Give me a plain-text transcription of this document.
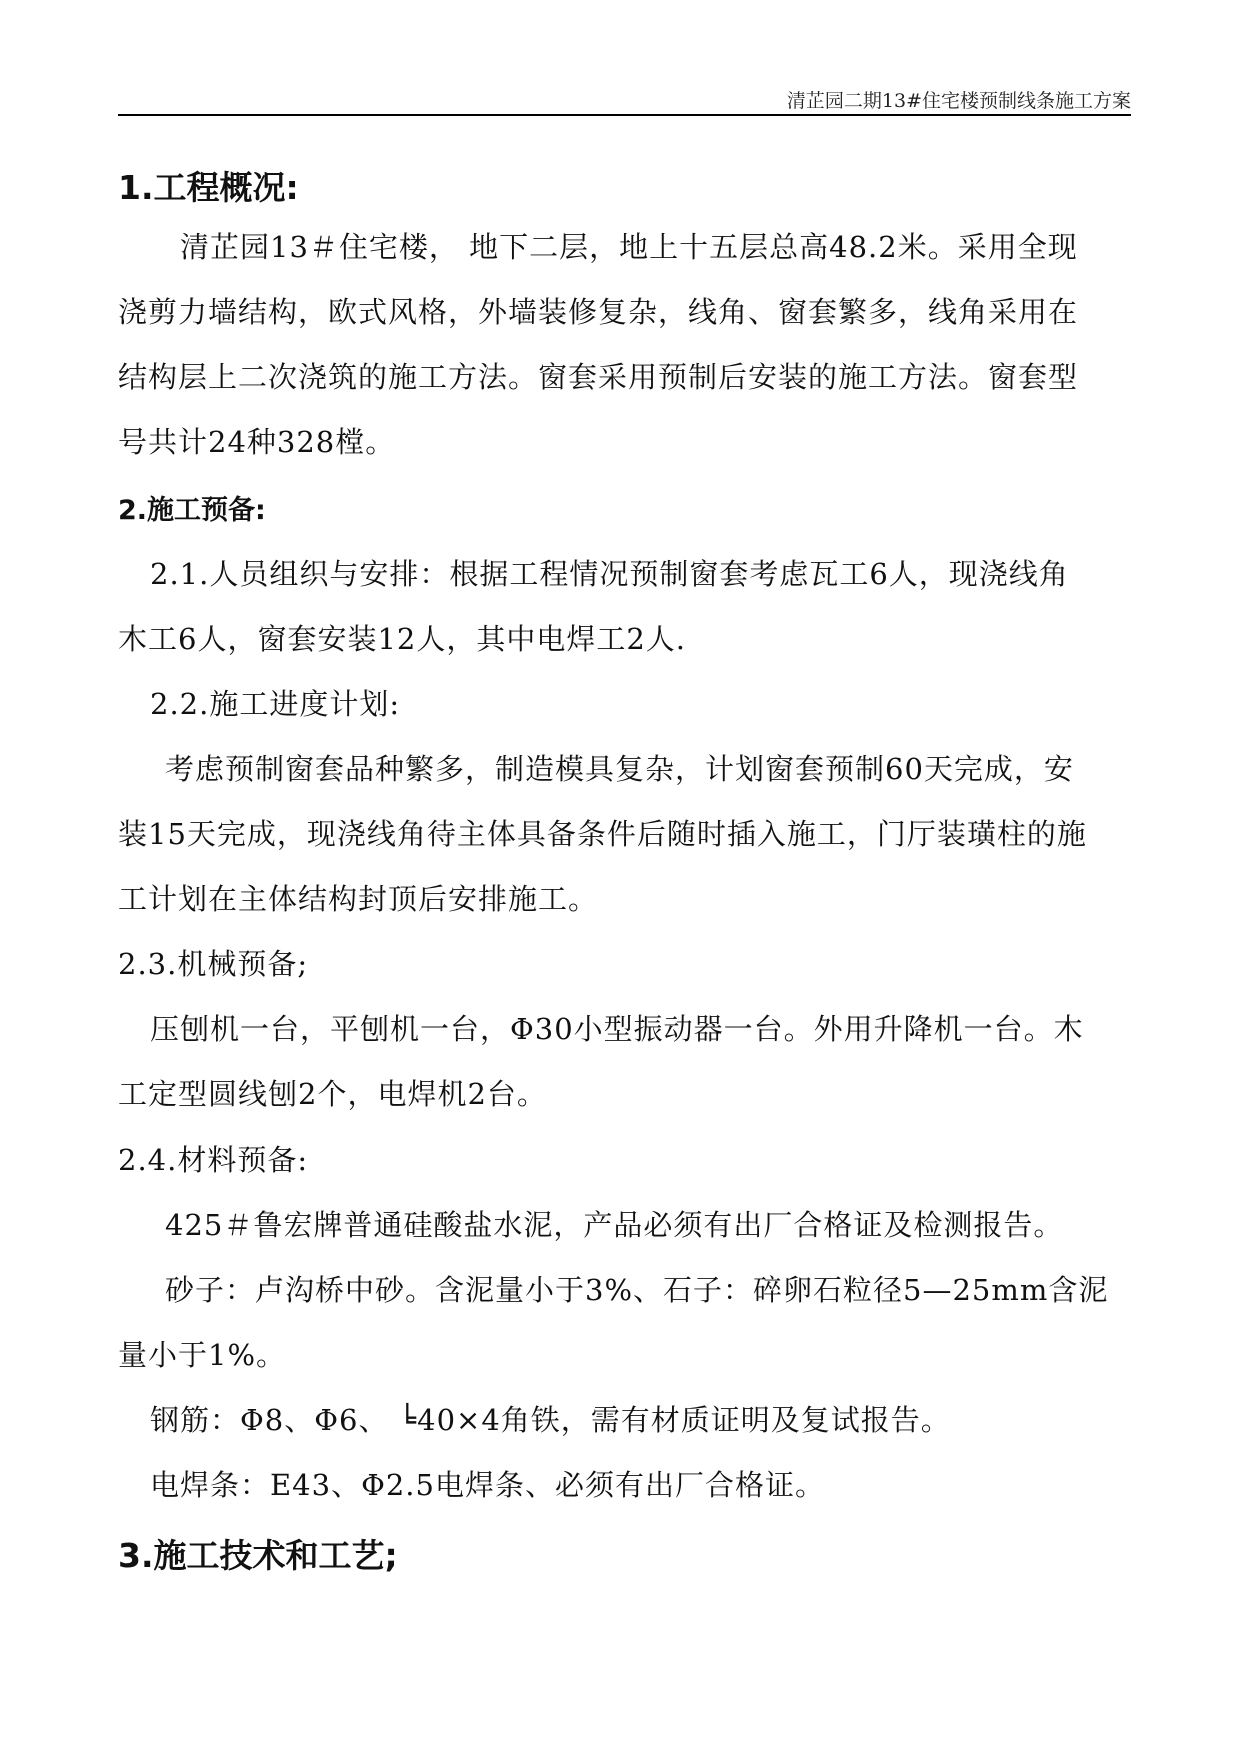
清芷园二期13#住宅楼预制线条施工方案
1.工程概况:
清芷园13＃住宅楼， 地下二层，地上十五层总高48.2米。采用全现
浇剪力墙结构，欧式风格，外墙装修复杂，线角、窗套繁多，线角采用在
结构层上二次浇筑的施工方法。窗套采用预制后安装的施工方法。窗套型
号共计24种328樘。
2.施工预备:
2.1.人员组织与安排：根据工程情况预制窗套考虑瓦工6人，现浇线角
木工6人，窗套安装12人，其中电焊工2人.
2.2.施工进度计划:
考虑预制窗套品种繁多，制造模具复杂，计划窗套预制60天完成，安
装15天完成，现浇线角待主体具备条件后随时插入施工，门厅装璜柱的施
工计划在主体结构封顶后安排施工。
2.3.机械预备;
压刨机一台，平刨机一台，Φ30小型振动器一台。外用升降机一台。木
工定型圆线刨2个，电焊机2台。
2.4.材料预备:
425＃鲁宏牌普通硅酸盐水泥，产品必须有出厂合格证及检测报告。
砂子：卢沟桥中砂。含泥量小于3%、石子：碎卵石粒径5—25mm含泥
量小于1%。
钢筋：Φ8、Φ6、 ╘40×4角铁，需有材质证明及复试报告。
电焊条：E43、Φ2.5电焊条、必须有出厂合格证。
3.施工技术和工艺;
